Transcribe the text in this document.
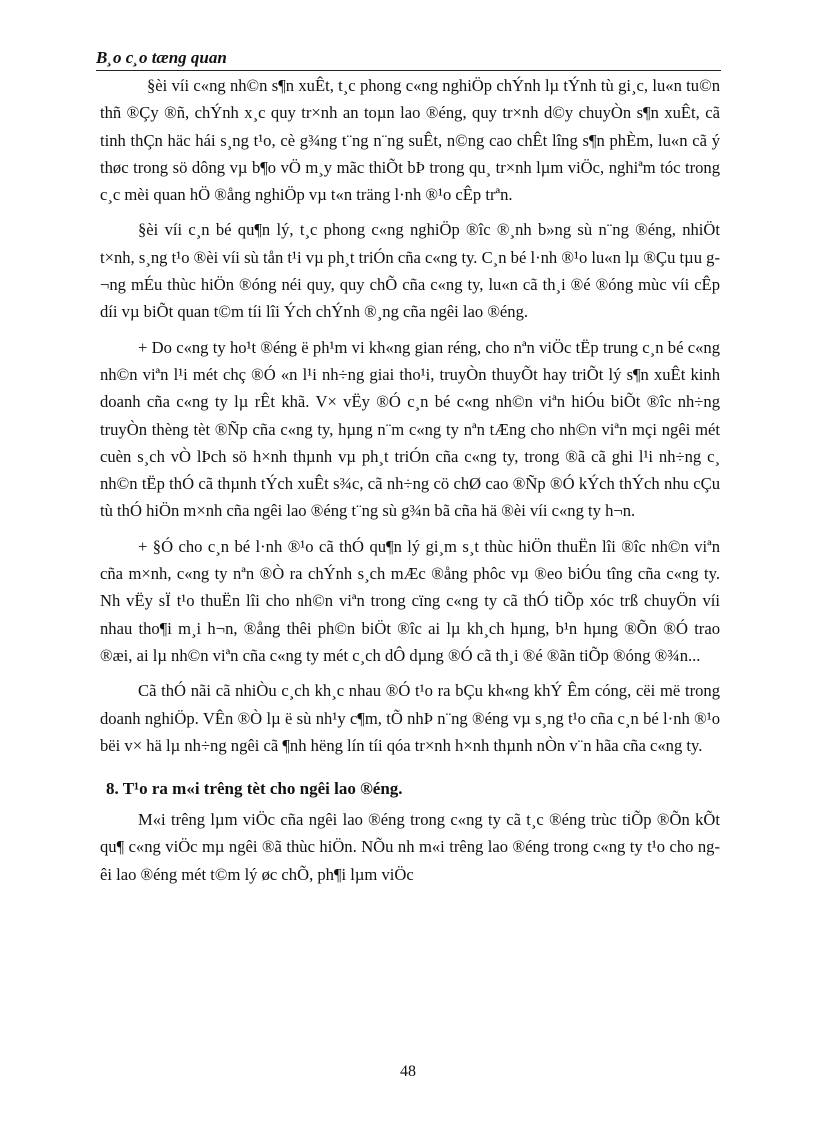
B¸o c¸o tæng quan

§èi víi c«ng nh©n s¶n xuÊt, t¸c phong c«ng nghiÖp chÝnh lµ tÝnh tù gi¸c, lu«n tu©n thñ ®Çy ®ñ, chÝnh x¸c quy tr×nh an toµn lao ®éng, quy tr×nh d©y chuyÒn s¶n xuÊt, cã tinh thÇn häc hái s¸ng t¹o, cè g¾ng t¨ng n¨ng suÊt, n©ng cao chÊt lîng s¶n phÈm, lu«n cã ý thøc trong sö dông vµ b¶o vÖ m¸y mãc thiÕt bÞ trong qu¸ tr×nh lµm viÖc, nghiªm tóc trong c¸c mèi quan hÖ ®ång nghiÖp vµ t«n träng l·nh ®¹o cÊp trªn.

§èi víi c¸n bé qu¶n lý, t¸c phong c«ng nghiÖp ®îc ®¸nh b»ng sù n¨ng ®éng, nhiÖt t×nh, s¸ng t¹o ®èi víi sù tån t¹i vµ ph¸t triÓn cña c«ng ty. C¸n bé l·nh ®¹o lu«n lµ ®Çu tµu g¬ng mÉu thùc hiÖn ®óng néi quy, quy chÕ cña c«ng ty, lu«n cã th¸i ®é ®óng mùc víi cÊp díi vµ biÕt quan t©m tíi lîi Ých chÝnh ®¸ng cña ngêi lao ®éng.

+ Do c«ng ty ho¹t ®éng ë ph¹m vi kh«ng gian réng, cho nªn viÖc tËp trung c¸n bé c«ng nh©n viªn l¹i mét chç ®Ó «n l¹i nh÷ng giai tho¹i, truyÒn thuyÕt hay triÕt lý s¶n xuÊt kinh doanh cña c«ng ty lµ rÊt khã. V× vËy ®Ó c¸n bé c«ng nh©n viªn hiÓu biÕt ®îc nh÷ng truyÒn thèng tèt ®Ñp cña c«ng ty, hµng n¨m c«ng ty nªn tÆng cho nh©n viªn mçi ngêi mét cuèn s¸ch vÒ lÞch sö h×nh thµnh vµ ph¸t triÓn cña c«ng ty, trong ®ã cã ghi l¹i nh÷ng c¸ nh©n tËp thÓ cã thµnh tÝch xuÊt s¾c, cã nh÷ng cö chØ cao ®Ñp ®Ó kÝch thÝch nhu cÇu tù thÓ hiÖn m×nh cña ngêi lao ®éng t¨ng sù g¾n bã cña hä ®èi víi c«ng ty h¬n.

+ §Ó cho c¸n bé l·nh ®¹o cã thÓ qu¶n lý gi¸m s¸t thùc hiÖn thuËn lîi ®îc nh©n viªn cña m×nh, c«ng ty nªn ®Ò ra chÝnh s¸ch mÆc ®ång phôc vµ ®eo biÓu tîng cña c«ng ty. Nh vËy sÏ t¹o thuËn lîi cho nh©n viªn trong cïng c«ng ty cã thÓ tiÕp xóc trß chuyÖn víi nhau tho¶i m¸i h¬n, ®ång thêi ph©n biÖt ®îc ai lµ kh¸ch hµng, b¹n hµng ®Õn ®Ó trao ®æi, ai lµ nh©n viªn cña c«ng ty mét c¸ch dÔ dµng ®Ó cã th¸i ®é ®ãn tiÕp ®óng ®¾n...

Cã thÓ nãi cã nhiÒu c¸ch kh¸c nhau ®Ó t¹o ra bÇu kh«ng khÝ Êm cóng, cëi më trong doanh nghiÖp. VÊn ®Ò lµ ë sù nh¹y c¶m, tÕ nhÞ n¨ng ®éng vµ s¸ng t¹o cña c¸n bé l·nh ®¹o bëi v× hä lµ nh÷ng ngêi cã ¶nh hëng lín tíi qóa tr×nh h×nh thµnh nÒn v¨n hãa cña c«ng ty.

8. T¹o ra m«i trêng tèt cho ngêi lao ®éng.

M«i trêng lµm viÖc cña ngêi lao ®éng trong c«ng ty cã t¸c ®éng trùc tiÕp ®Õn kÕt qu¶ c«ng viÖc mµ ngêi ®ã thùc hiÖn. NÕu nh m«i trêng lao ®éng trong c«ng ty t¹o cho ngêi lao ®éng mét t©m lý øc chÕ, ph¶i lµm viÖc

48
